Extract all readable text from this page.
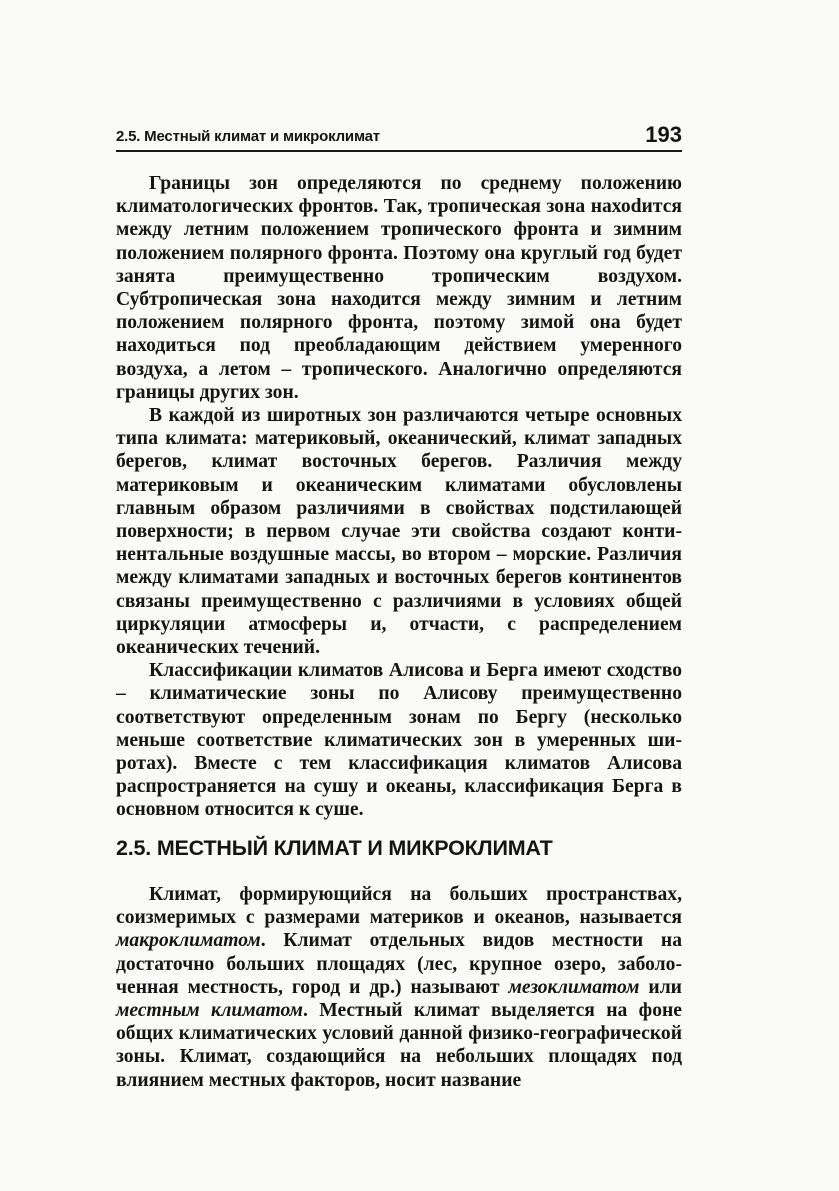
2.5. Местный климат и микроклимат	193

Границы зон определяются по среднему положению климатологических фронтов. Так, тропическая зона нахоdится между летним положением тропического фронта и зимним положением полярного фронта. Поэтому она круглый год будет занята преимущественно тропическим воздухом. Субтропическая зона находится между зимним и летним положением полярного фронта, поэтому зимой она будет находиться под преобладающим действием умеренного воздуха, а летом – тропического. Аналогично определяются границы других зон.

В каждой из широтных зон различаются четыре основных типа климата: материковый, океанический, климат западных берегов, климат восточных берегов. Различия между материковым и океаническим климатами обусловлены главным образом различиями в свойствах подстилающей поверхности; в первом случае эти свойства создают континентальные воздушные массы, во втором – морские. Различия между климатами западных и восточных берегов континентов связаны преимущественно с различиями в условиях общей циркуляции атмосферы и, отчасти, с распределением океанических течений.

Классификации климатов Алисова и Берга имеют сходство – климатические зоны по Алисову преимущественно соответствуют определенным зонам по Бергу (несколько меньше соответствие климатических зон в умеренных широтах). Вместе с тем классификация климатов Алисова распространяется на сушу и океаны, классификация Берга в основном относится к суше.

2.5. МЕСТНЫЙ КЛИМАТ И МИКРОКЛИМАТ

Климат, формирующийся на больших пространствах, соизмеримых с размерами материков и океанов, называется макроклиматом. Климат отдельных видов местности на достаточно больших площадях (лес, крупное озеро, заболоченная местность, город и др.) называют мезоклиматом или местным климатом. Местный климат выделяется на фоне общих климатических условий данной физико-географической зоны. Климат, создающийся на небольших площадях под влиянием местных факторов, носит название
